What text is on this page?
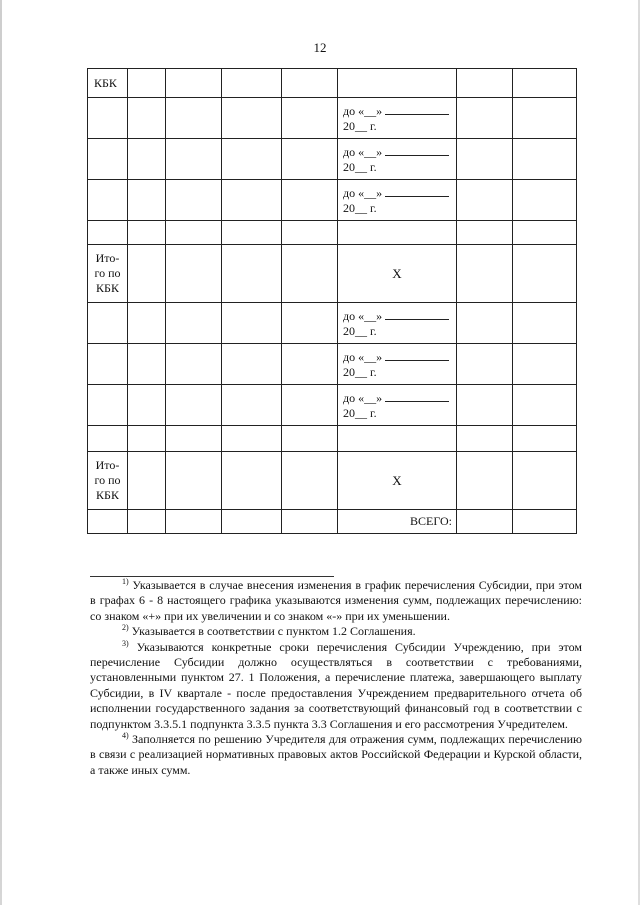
12
КБК							
					до «__»
20__ г.		
					до «__»
20__ г.		
					до «__»
20__ г.		

Ито-
го по
КБК					Х		
					до «__»
20__ г.		
					до «__»
20__ г.		
					до «__»
20__ г.		

Ито-
го по
КБК					Х		
					ВСЕГО:		

$^{1)}$ Указывается в случае внесения изменения в график перечисления Субсидии, при этом в графах 6 - 8 настоящего графика указываются изменения сумм, подлежащих перечислению: со знаком «+» при их увеличении и со знаком «-» при их уменьшении.

$^{2)}$ Указывается в соответствии с пунктом 1.2 Соглашения.

$^{3)}$ Указываются конкретные сроки перечисления Субсидии Учреждению, при этом перечисление Субсидии должно осуществляться в соответствии с требованиями, установленными пунктом 27. 1 Положения, а перечисление платежа, завершающего выплату Субсидии, в IV квартале - после предоставления Учреждением предварительного отчета об исполнении государственного задания за соответствующий финансовый год в соответствии с подпунктом 3.3.5.1 подпункта 3.3.5 пункта 3.3 Соглашения и его рассмотрения Учредителем.

$^{4)}$ Заполняется по решению Учредителя для отражения сумм, подлежащих перечислению в связи с реализацией нормативных правовых актов Российской Федерации и Курской области, а также иных сумм.
